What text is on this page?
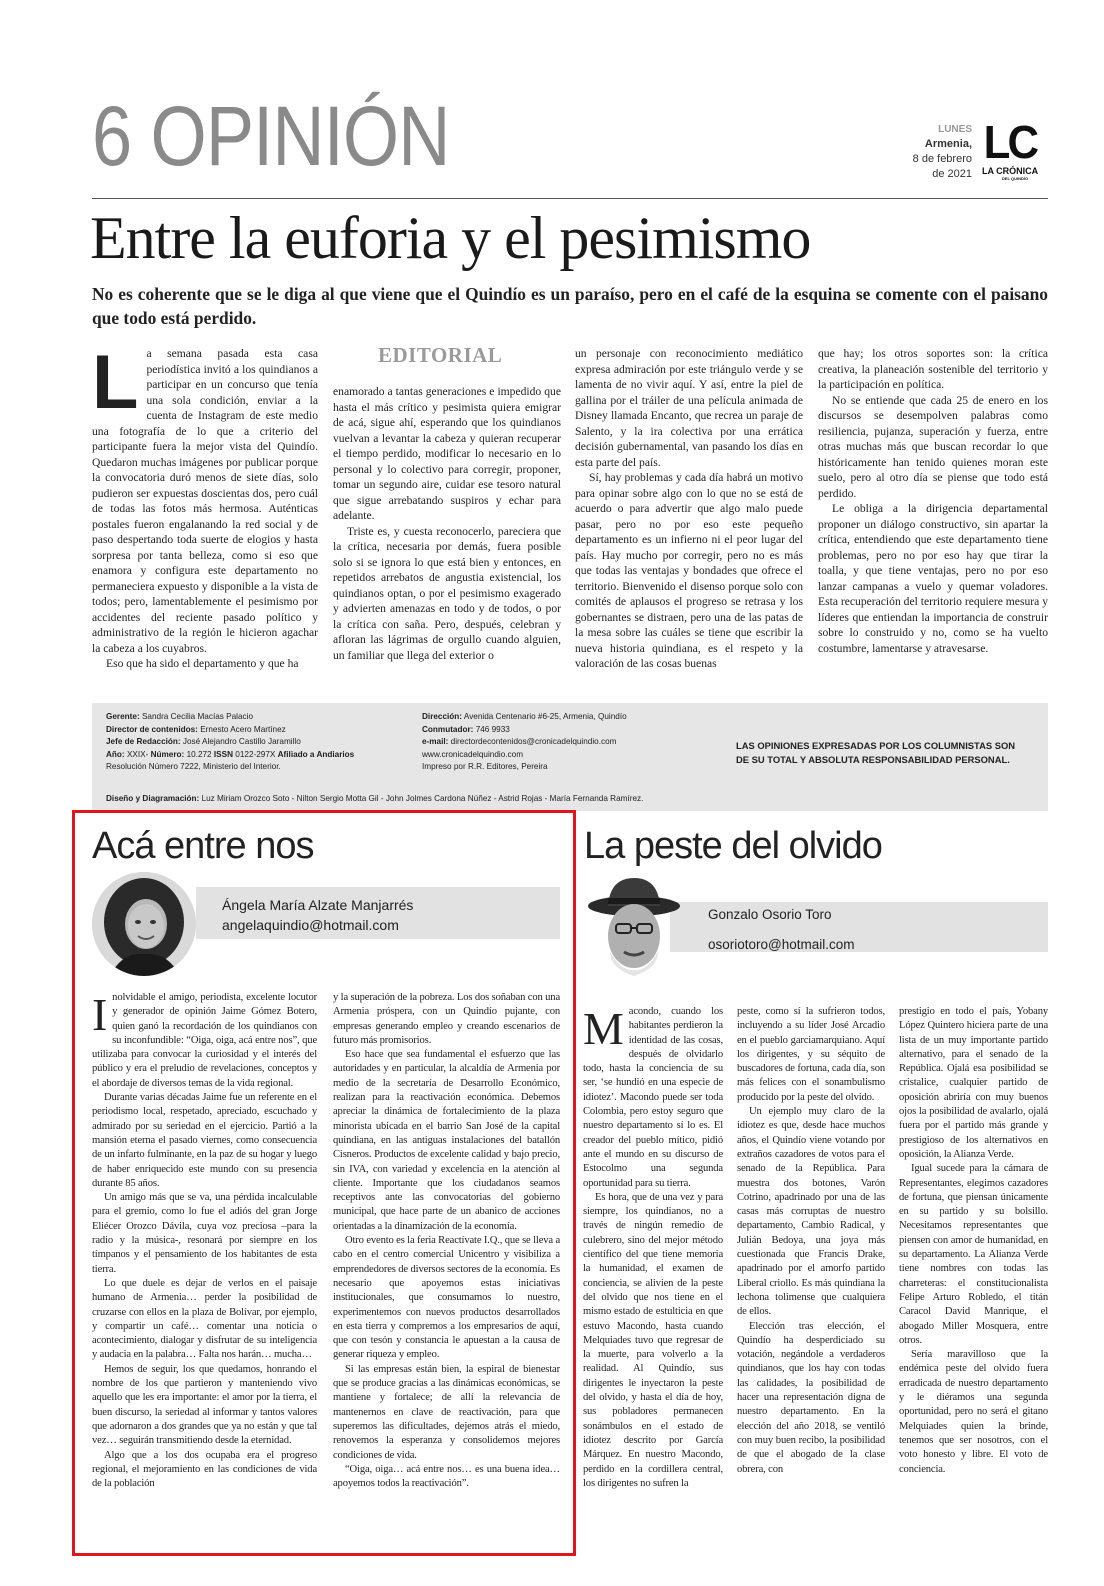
6 OPINIÓN	LUNES
Armenia,
8 de febrero
de 2021
LC
LA CRÓNICA
DEL QUINDÍO
Entre la euforia y el pesimismo
No es coherente que se le diga al que viene que el Quindío es un paraíso, pero en el café de la esquina se comente con el paisano que todo está perdido.
L a semana pasada esta casa periodística invitó a los quindianos a participar en un concurso que tenía una sola condición, enviar a la cuenta de Instagram de este medio una fotografía de lo que a criterio del participante fuera la mejor vista del Quindío. Quedaron muchas imágenes por publicar porque la convocatoria duró menos de siete días, solo pudieron ser expuestas doscientas dos, pero cuál de todas las fotos más hermosa. Auténticas postales fueron engalanando la red social y de paso despertando toda suerte de elogios y hasta sorpresa por tanta belleza, como si eso que enamora y configura este departamento no permaneciera expuesto y disponible a la vista de todos; pero, lamentablemente el pesimismo por accidentes del reciente pasado político y administrativo de la región le hicieron agachar la cabeza a los cuyabros.

Eso que ha sido el departamento y que ha

EDITORIAL

enamorado a tantas generaciones e impedido que hasta el más crítico y pesimista quiera emigrar de acá, sigue ahí, esperando que los quindianos vuelvan a levantar la cabeza y quieran recuperar el tiempo perdido, modificar lo necesario en lo personal y lo colectivo para corregir, proponer, tomar un segundo aire, cuidar ese tesoro natural que sigue arrebatando suspiros y echar para adelante.

Triste es, y cuesta reconocerlo, pareciera que la crítica, necesaria por demás, fuera posible solo si se ignora lo que está bien y entonces, en repetidos arrebatos de angustia existencial, los quindianos optan, o por el pesimismo exagerado y advierten amenazas en todo y de todos, o por la crítica con saña. Pero, después, celebran y afloran las lágrimas de orgullo cuando alguien, un familiar que llega del exterior o

un personaje con reconocimiento mediático expresa admiración por este triángulo verde y se lamenta de no vivir aquí. Y así, entre la piel de gallina por el tráiler de una película animada de Disney llamada Encanto, que recrea un paraje de Salento, y la ira colectiva por una errática decisión gubernamental, van pasando los días en esta parte del país.

Sí, hay problemas y cada día habrá un motivo para opinar sobre algo con lo que no se está de acuerdo o para advertir que algo malo puede pasar, pero no por eso este pequeño departamento es un infierno ni el peor lugar del país. Hay mucho por corregir, pero no es más que todas las ventajas y bondades que ofrece el territorio. Bienvenido el disenso porque solo con comités de aplausos el progreso se retrasa y los gobernantes se distraen, pero una de las patas de la mesa sobre las cuáles se tiene que escribir la nueva historia quindiana, es el respeto y la valoración de las cosas buenas

que hay; los otros soportes son: la crítica creativa, la planeación sostenible del territorio y la participación en política.

No se entiende que cada 25 de enero en los discursos se desempolven palabras como resiliencia, pujanza, superación y fuerza, entre otras muchas más que buscan recordar lo que históricamente han tenido quienes moran este suelo, pero al otro día se piense que todo está perdido.

Le obliga a la dirigencia departamental proponer un diálogo constructivo, sin apartar la crítica, entendiendo que este departamento tiene problemas, pero no por eso hay que tirar la toalla, y que tiene ventajas, pero no por eso lanzar campanas a vuelo y quemar voladores. Esta recuperación del territorio requiere mesura y líderes que entiendan la importancia de construir sobre lo construido y no, como se ha vuelto costumbre, lamentarse y atravesarse.

Gerente: Sandra Cecilia Macías Palacio
Director de contenidos: Ernesto Acero Martínez
Jefe de Redacción: José Alejandro Castillo Jaramillo
Año: XXIX- Número: 10.272 ISSN 0122-297X Afiliado a Andiarios
Resolución Número 7222, Ministerio del Interior.
Dirección: Avenida Centenario #6-25, Armenia, Quindío
Conmutador: 746 9933
e-mail: directordecontenidos@cronicadelquindio.com
www.cronicadelquindio.com
Impreso por R.R. Editores, Pereira
LAS OPINIONES EXPRESADAS POR LOS COLUMNISTAS SON
DE SU TOTAL Y ABSOLUTA RESPONSABILIDAD PERSONAL.
Diseño y Diagramación: Luz Miriam Orozco Soto - Nilton Sergio Motta Gil - John Jolmes Cardona Núñez - Astrid Rojas - María Fernanda Ramírez.
Acá entre nos
Ángela María Alzate Manjarrés
angelaquindio@hotmail.com
I nolvidable el amigo, periodista, excelente locutor y generador de opinión Jaime Gómez Botero, quien ganó la recordación de los quindianos con su inconfundible: “Oiga, oiga, acá entre nos”, que utilizaba para convocar la curiosidad y el interés del público y era el preludio de revelaciones, conceptos y el abordaje de diversos temas de la vida regional.

Durante varias décadas Jaime fue un referente en el periodismo local, respetado, apreciado, escuchado y admirado por su seriedad en el ejercicio. Partió a la mansión eterna el pasado viernes, como consecuencia de un infarto fulminante, en la paz de su hogar y luego de haber enriquecido este mundo con su presencia durante 85 años.

Un amigo más que se va, una pérdida incalculable para el gremio, como lo fue el adiós del gran Jorge Eliécer Orozco Dávila, cuya voz preciosa –para la radio y la música-, resonará por siempre en los tímpanos y el pensamiento de los habitantes de esta tierra.

Lo que duele es dejar de verlos en el paisaje humano de Armenia… perder la posibilidad de cruzarse con ellos en la plaza de Bolívar, por ejemplo, y compartir un café… comentar una noticia o acontecimiento, dialogar y disfrutar de su inteligencia y audacia en la palabra… Falta nos harán… mucha…

Hemos de seguir, los que quedamos, honrando el nombre de los que partieron y manteniendo vivo aquello que les era importante: el amor por la tierra, el buen discurso, la seriedad al informar y tantos valores que adornaron a dos grandes que ya no están y que tal vez… seguirán transmitiendo desde la eternidad.

Algo que a los dos ocupaba era el progreso regional, el mejoramiento en las condiciones de vida de la población

y la superación de la pobreza. Los dos soñaban con una Armenia próspera, con un Quindío pujante, con empresas generando empleo y creando escenarios de futuro más promisorios.

Eso hace que sea fundamental el esfuerzo que las autoridades y en particular, la alcaldía de Armenia por medio de la secretaría de Desarrollo Económico, realizan para la reactivación económica. Debemos apreciar la dinámica de fortalecimiento de la plaza minorista ubicada en el barrio San José de la capital quindiana, en las antiguas instalaciones del batallón Cisneros. Productos de excelente calidad y bajo precio, sin IVA, con variedad y excelencia en la atención al cliente. Importante que los ciudadanos seamos receptivos ante las convocatorias del gobierno municipal, que hace parte de un abanico de acciones orientadas a la dinamización de la economía.

Otro evento es la feria Reactívate I.Q., que se lleva a cabo en el centro comercial Unicentro y visibiliza a emprendedores de diversos sectores de la economía. Es necesario que apoyemos estas iniciativas institucionales, que consumamos lo nuestro, experimentemos con nuevos productos desarrollados en esta tierra y compremos a los empresarios de aquí, que con tesón y constancia le apuestan a la causa de generar riqueza y empleo.

Si las empresas están bien, la espiral de bienestar que se produce gracias a las dinámicas económicas, se mantiene y fortalece; de allí la relevancia de mantenernos en clave de reactivación, para que superemos las dificultades, dejemos atrás el miedo, renovemos la esperanza y consolidemos mejores condiciones de vida.

“Oiga, oiga… acá entre nos… es una buena idea… apoyemos todos la reactivación”.

La peste del olvido
Gonzalo Osorio Toro
osoriotoro@hotmail.com
M acondo, cuando los habitantes perdieron la identidad de las cosas, después de olvidarlo todo, hasta la conciencia de su ser, ‘se hundió en una especie de idiotez’. Macondo puede ser toda Colombia, pero estoy seguro que nuestro departamento sí lo es. El creador del pueblo mítico, pidió ante el mundo en su discurso de Estocolmo una segunda oportunidad para su tierra.

Es hora, que de una vez y para siempre, los quindianos, no a través de ningún remedio de culebrero, sino del mejor método científico del que tiene memoria la humanidad, el examen de conciencia, se alivien de la peste del olvido que nos tiene en el mismo estado de estulticia en que estuvo Macondo, hasta cuando Melquiades tuvo que regresar de la muerte, para volverlo a la realidad. Al Quindío, sus dirigentes le inyectaron la peste del olvido, y hasta el día de hoy, sus pobladores permanecen sonámbulos en el estado de idiotez descrito por García Márquez. En nuestro Macondo, perdido en la cordillera central, los dirigentes no sufren la

peste, como sí la sufrieron todos, incluyendo a su líder José Arcadio en el pueblo garciamarquiano. Aquí los dirigentes, y su séquito de buscadores de fortuna, cada día, son más felices con el sonambulismo producido por la peste del olvido.

Un ejemplo muy claro de la idiotez es que, desde hace muchos años, el Quindío viene votando por extraños cazadores de votos para el senado de la República. Para muestra dos botones, Varón Cotrino, apadrinado por una de las casas más corruptas de nuestro departamento, Cambio Radical, y Julián Bedoya, una joya más cuestionada que Francis Drake, apadrinado por el amorfo partido Liberal criollo. Es más quindiana la lechona tolimense que cualquiera de ellos.

Elección tras elección, el Quindío ha desperdiciado su votación, negándole a verdaderos quindianos, que los hay con todas las calidades, la posibilidad de hacer una representación digna de nuestro departamento. En la elección del año 2018, se ventiló con muy buen recibo, la posibilidad de que el abogado de la clase obrera, con

prestigio en todo el país, Yobany López Quintero hiciera parte de una lista de un muy importante partido alternativo, para el senado de la República. Ojalá esa posibilidad se cristalice, cualquier partido de oposición abriría con muy buenos ojos la posibilidad de avalarlo, ojalá fuera por el partido más grande y prestigioso de los alternativos en oposición, la Alianza Verde.

Igual sucede para la cámara de Representantes, elegimos cazadores de fortuna, que piensan únicamente en su partido y su bolsillo. Necesitamos representantes que piensen con amor de humanidad, en su departamento. La Alianza Verde tiene nombres con todas las charreteras: el constitucionalista Felipe Arturo Robledo, el titán Caracol David Manrique, el abogado Miller Mosquera, entre otros.

Sería maravilloso que la endémica peste del olvido fuera erradicada de nuestro departamento y le diéramos una segunda oportunidad, pero no será el gitano Melquiades quien la brinde, tenemos que ser nosotros, con el voto honesto y libre. El voto de conciencia.
